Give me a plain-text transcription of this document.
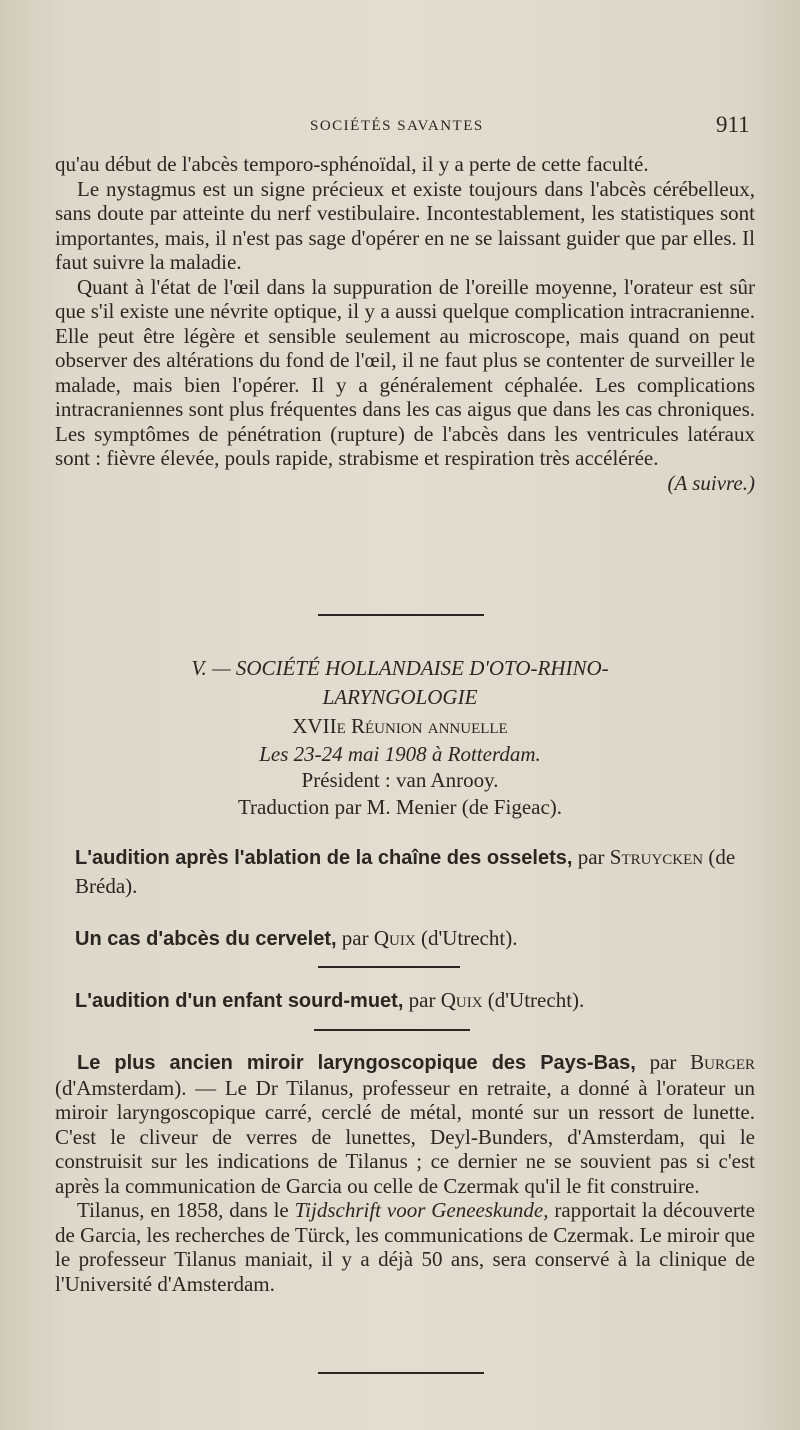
SOCIÉTÉS SAVANTES	911

qu'au début de l'abcès temporo-sphénoïdal, il y a perte de cette faculté.

Le nystagmus est un signe précieux et existe toujours dans l'abcès cérébelleux, sans doute par atteinte du nerf vestibulaire. Incontestablement, les statistiques sont importantes, mais, il n'est pas sage d'opérer en ne se laissant guider que par elles. Il faut suivre la maladie.

Quant à l'état de l'œil dans la suppuration de l'oreille moyenne, l'orateur est sûr que s'il existe une névrite optique, il y a aussi quelque complication intracranienne. Elle peut être légère et sensible seulement au microscope, mais quand on peut observer des altérations du fond de l'œil, il ne faut plus se contenter de surveiller le malade, mais bien l'opérer. Il y a généralement céphalée. Les complications intracraniennes sont plus fréquentes dans les cas aigus que dans les cas chroniques. Les symptômes de pénétration (rupture) de l'abcès dans les ventricules latéraux sont : fièvre élevée, pouls rapide, strabisme et respiration très accélérée.
(A suivre.)

V. — SOCIÉTÉ HOLLANDAISE D'OTO-RHINO-
LARYNGOLOGIE
XVIIe Réunion annuelle
Les 23-24 mai 1908 à Rotterdam.
Président : van Anrooy.
Traduction par M. Menier (de Figeac).
L'audition après l'ablation de la chaîne des osselets, par Struycken (de Bréda).
Un cas d'abcès du cervelet, par Quix (d'Utrecht).
L'audition d'un enfant sourd-muet, par Quix (d'Utrecht).

Le plus ancien miroir laryngoscopique des Pays-Bas, par Burger (d'Amsterdam). — Le Dr Tilanus, professeur en retraite, a donné à l'orateur un miroir laryngoscopique carré, cerclé de métal, monté sur un ressort de lunette. C'est le cliveur de verres de lunettes, Deyl-Bunders, d'Amsterdam, qui le construisit sur les indications de Tilanus ; ce dernier ne se souvient pas si c'est après la communication de Garcia ou celle de Czermak qu'il le fit construire.

Tilanus, en 1858, dans le Tijdschrift voor Geneeskunde, rapportait la découverte de Garcia, les recherches de Türck, les communications de Czermak. Le miroir que le professeur Tilanus maniait, il y a déjà 50 ans, sera conservé à la clinique de l'Université d'Amsterdam.
